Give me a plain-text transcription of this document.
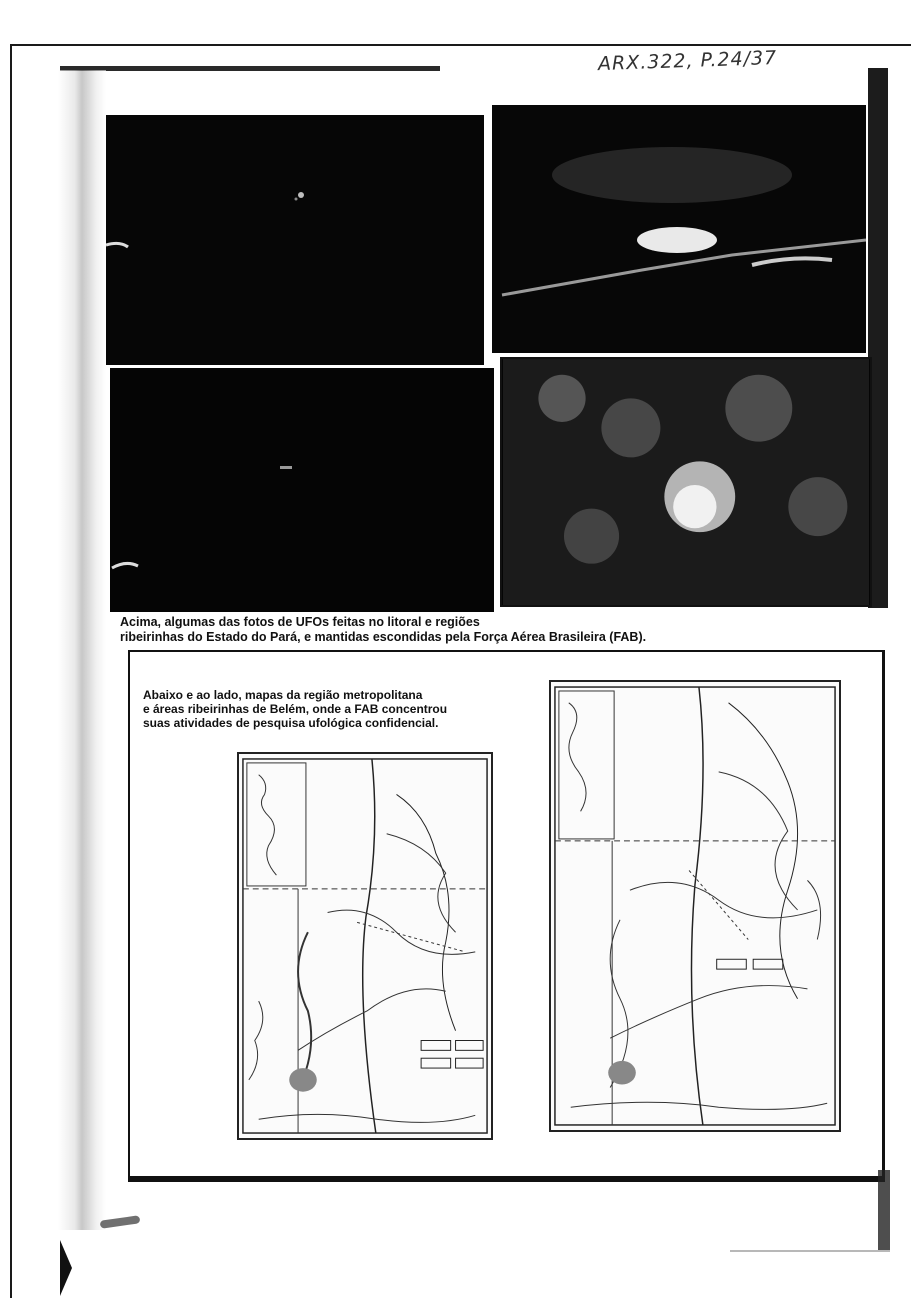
ARX.322, P.24/37
Acima, algumas das fotos de UFOs feitas no litoral e regiões
ribeirinhas do Estado do Pará, e mantidas escondidas pela Força Aérea Brasileira (FAB).
Abaixo e ao lado, mapas da região metropolitana
e áreas ribeirinhas de Belém, onde a FAB concentrou
suas atividades de pesquisa ufológica confidencial.
